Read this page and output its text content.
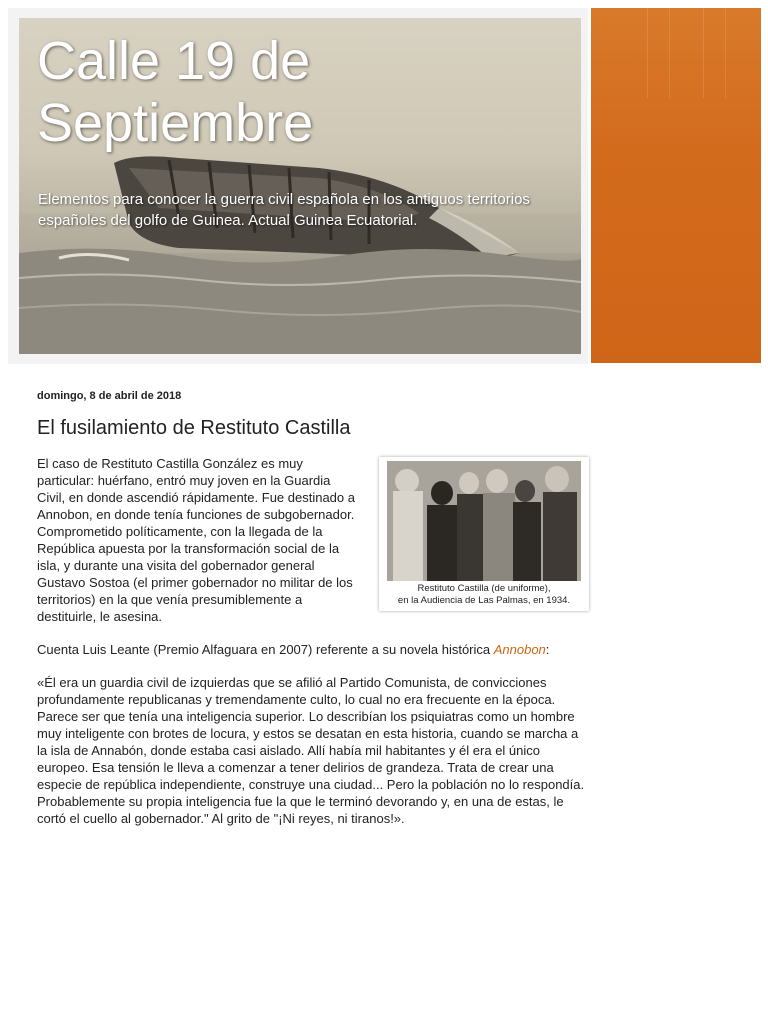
Calle 19 de Septiembre
Elementos para conocer la guerra civil española en los antiguos territorios españoles del golfo de Guinea. Actual Guinea Ecuatorial.
domingo, 8 de abril de 2018
El fusilamiento de Restituto Castilla
Restituto Castilla (de uniforme),
en la Audiencia de Las Palmas, en 1934.

El caso de Restituto Castilla González es muy particular: huérfano, entró muy joven en la Guardia Civil, en donde ascendió rápidamente. Fue destinado a Annobon, en donde tenía funciones de subgobernador. Comprometido políticamente, con la llegada de la República apuesta por la transformación social de la isla, y durante una visita del gobernador general Gustavo Sostoa (el primer gobernador no militar de los territorios) en la que venía presumiblemente a destituirle, le asesina.

Cuenta Luis Leante (Premio Alfaguara en 2007) referente a su novela histórica Annobon:

«Él era un guardia civil de izquierdas que se afilió al Partido Comunista, de convicciones profundamente republicanas y tremendamente culto, lo cual no era frecuente en la época. Parece ser que tenía una inteligencia superior. Lo describían los psiquiatras como un hombre muy inteligente con brotes de locura, y estos se desatan en esta historia, cuando se marcha a la isla de Annabón, donde estaba casi aislado. Allí había mil habitantes y él era el único europeo. Esa tensión le lleva a comenzar a tener delirios de grandeza. Trata de crear una especie de república independiente, construye una ciudad... Pero la población no lo respondía. Probablemente su propia inteligencia fue la que le terminó devorando y, en una de estas, le cortó el cuello al gobernador." Al grito de "¡Ni reyes, ni tiranos!».
